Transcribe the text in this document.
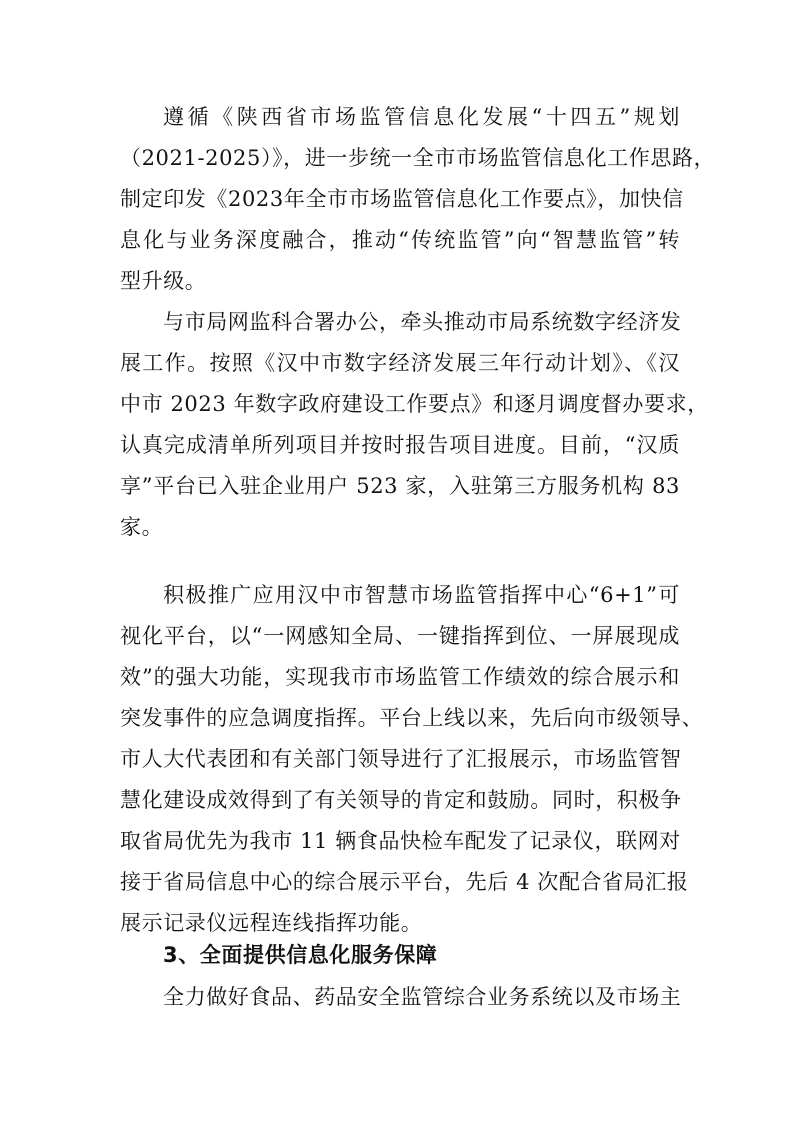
遵循《陕西省市场监管信息化发展“十四五”规划
（2021-2025）》，进一步统一全市市场监管信息化工作思路，
制定印发《2023年全市市场监管信息化工作要点》，加快信
息化与业务深度融合，推动“传统监管”向“智慧监管”转
型升级。
与市局网监科合署办公，牵头推动市局系统数字经济发
展工作。按照《汉中市数字经济发展三年行动计划》、《汉
中市 2023 年数字政府建设工作要点》和逐月调度督办要求，
认真完成清单所列项目并按时报告项目进度。目前，“汉质
享”平台已入驻企业用户 523 家，入驻第三方服务机构 83
家。
积极推广应用汉中市智慧市场监管指挥中心“6+1”可
视化平台，以“一网感知全局、一键指挥到位、一屏展现成
效”的强大功能，实现我市市场监管工作绩效的综合展示和
突发事件的应急调度指挥。平台上线以来，先后向市级领导、
市人大代表团和有关部门领导进行了汇报展示，市场监管智
慧化建设成效得到了有关领导的肯定和鼓励。同时，积极争
取省局优先为我市 11 辆食品快检车配发了记录仪，联网对
接于省局信息中心的综合展示平台，先后 4 次配合省局汇报
展示记录仪远程连线指挥功能。
3、全面提供信息化服务保障
全力做好食品、药品安全监管综合业务系统以及市场主
